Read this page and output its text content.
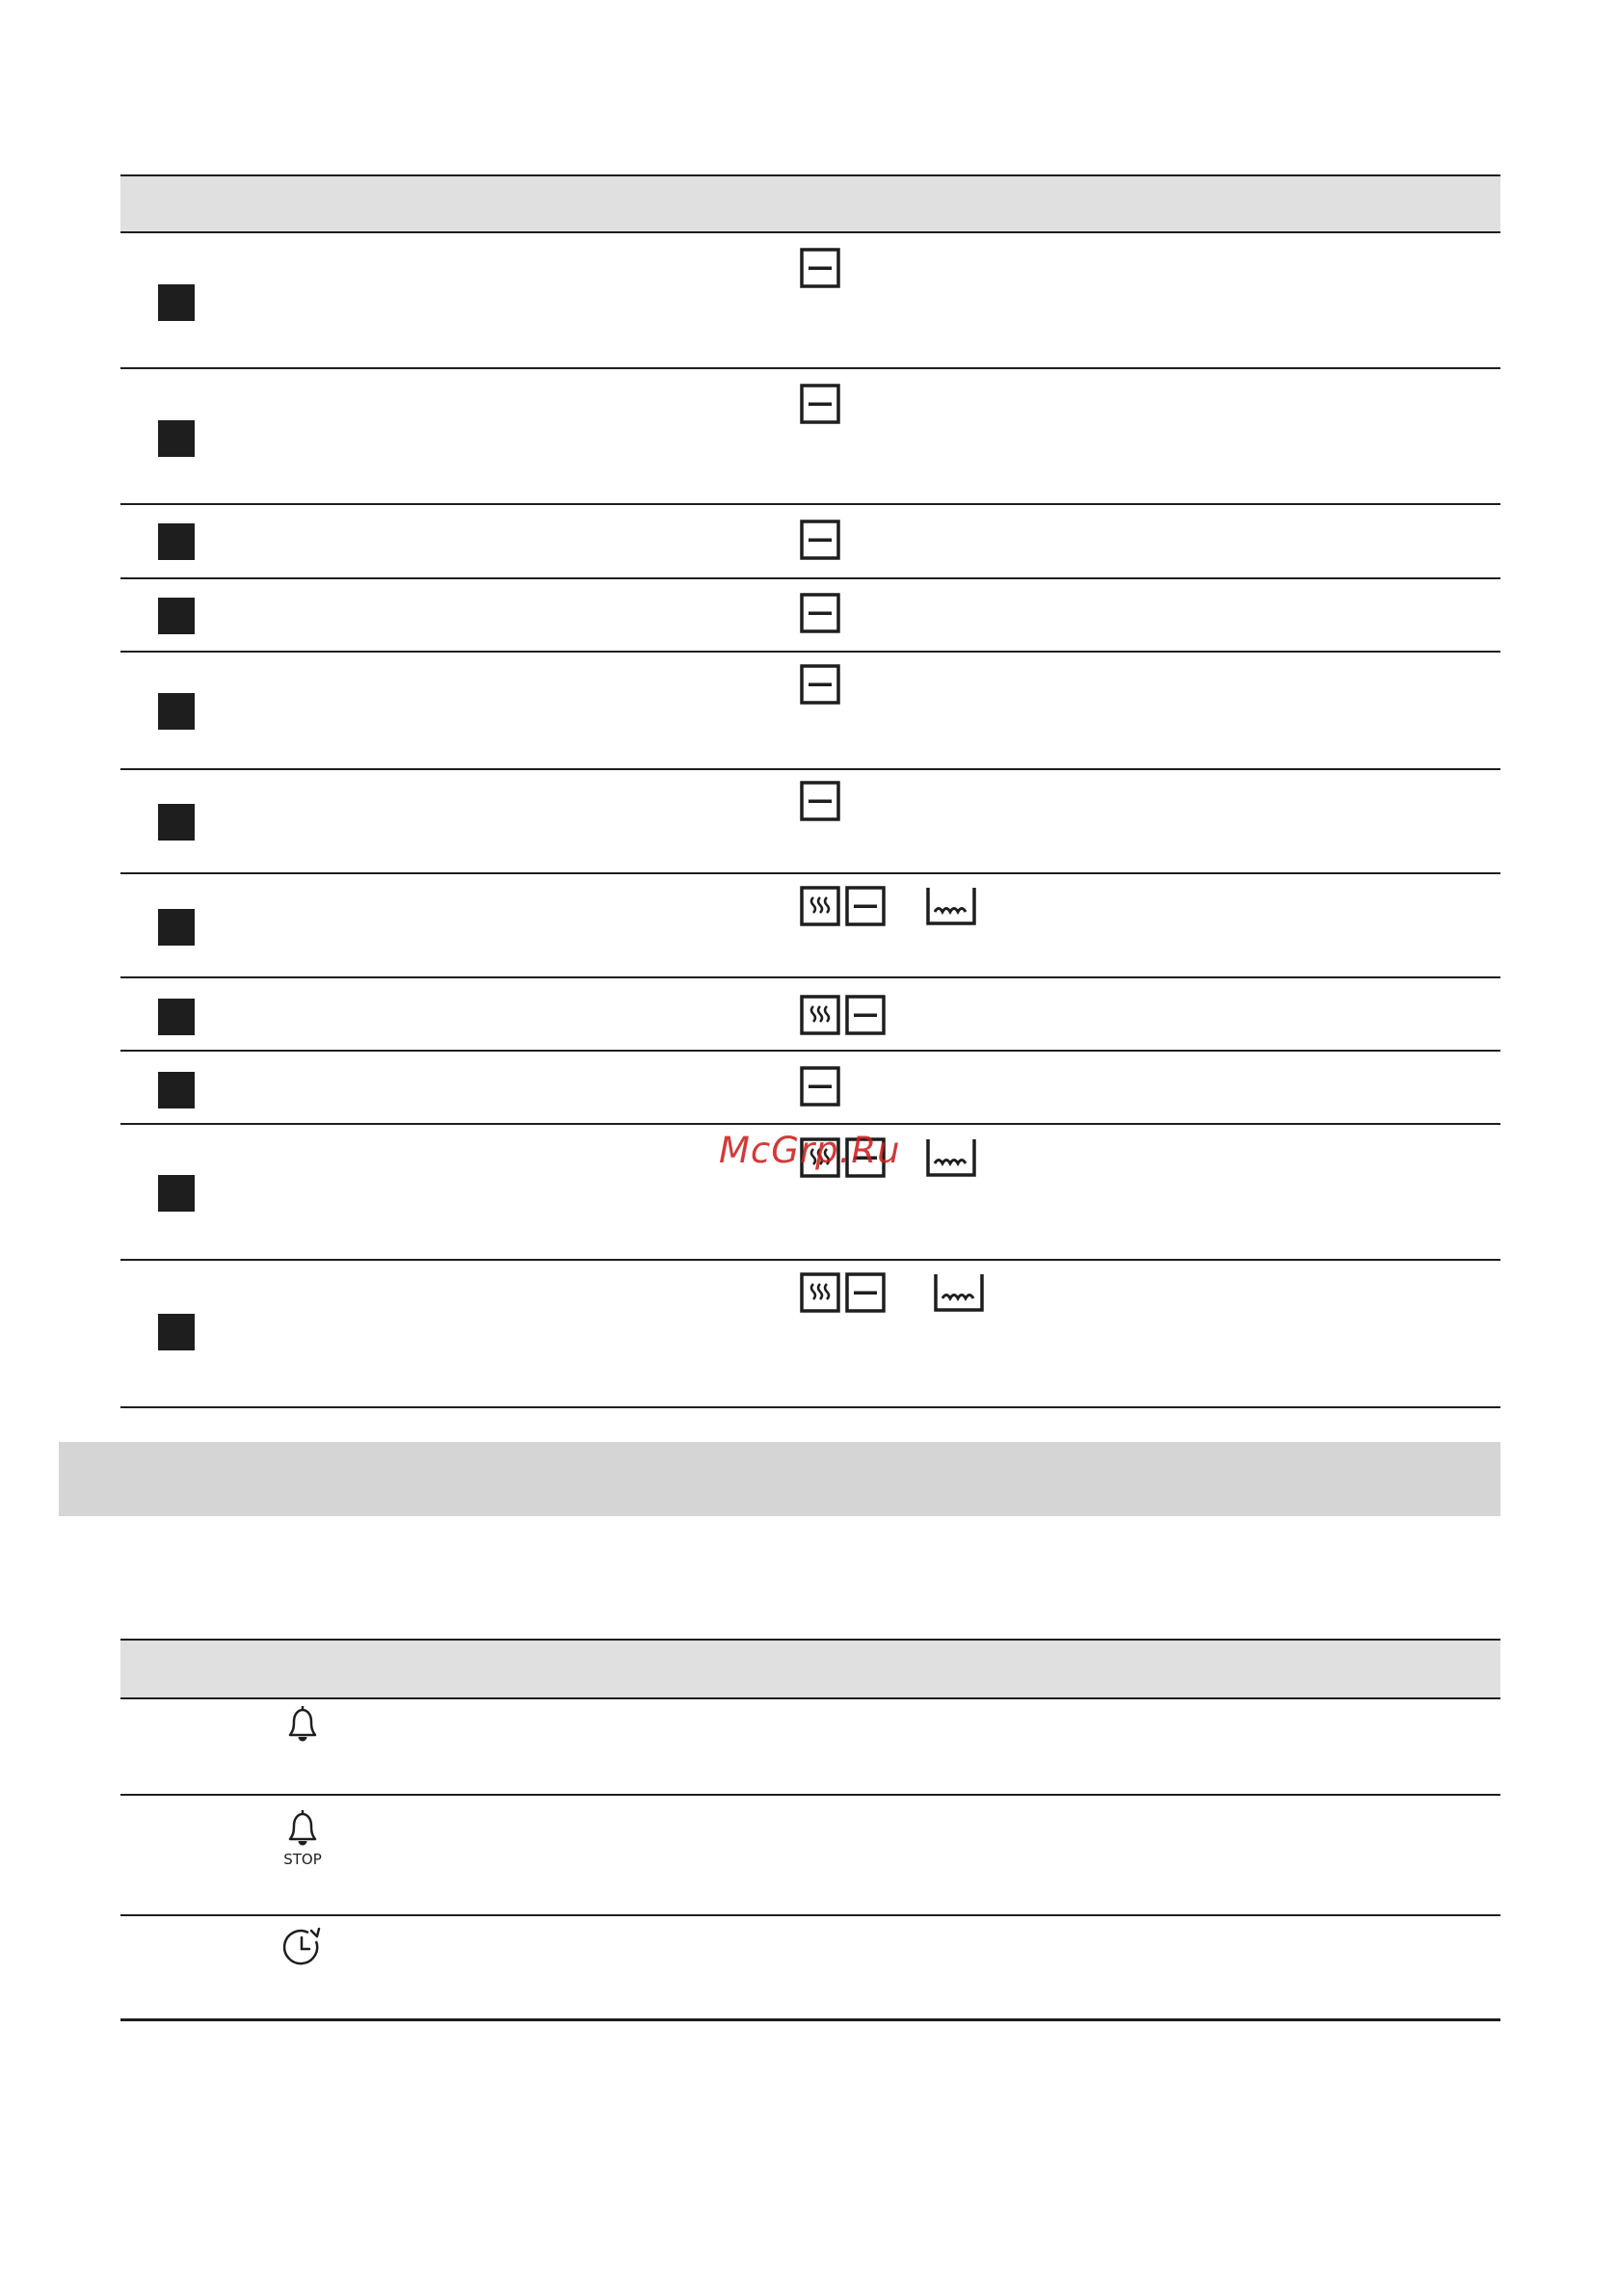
McGrp.Ru
STOP
